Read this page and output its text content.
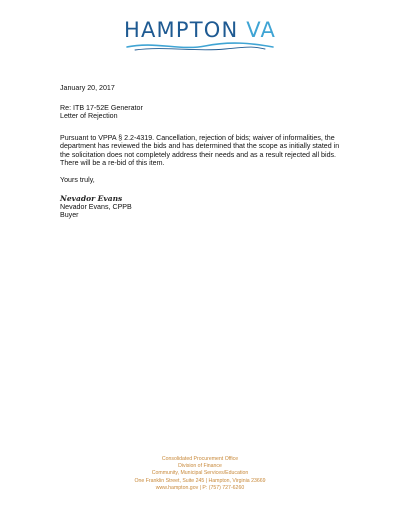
HAMPTON VA
January 20, 2017
Re: ITB 17-52E Generator
Letter of Rejection
Pursuant to VPPA § 2.2-4319. Cancellation, rejection of bids; waiver of informalities, the department has reviewed the bids and has determined that the scope as initially stated in the solicitation does not completely address their needs and as a result rejected all bids. There will be a re-bid of this item.
Yours truly,
Nevador Evans
Nevador Evans, CPPB
Buyer
Consolidated Procurement Office
Division of Finance
Community, Municipal Services/Education
One Franklin Street, Suite 245 | Hampton, Virginia 23669
www.hampton.gov | P: (757) 727-6260
